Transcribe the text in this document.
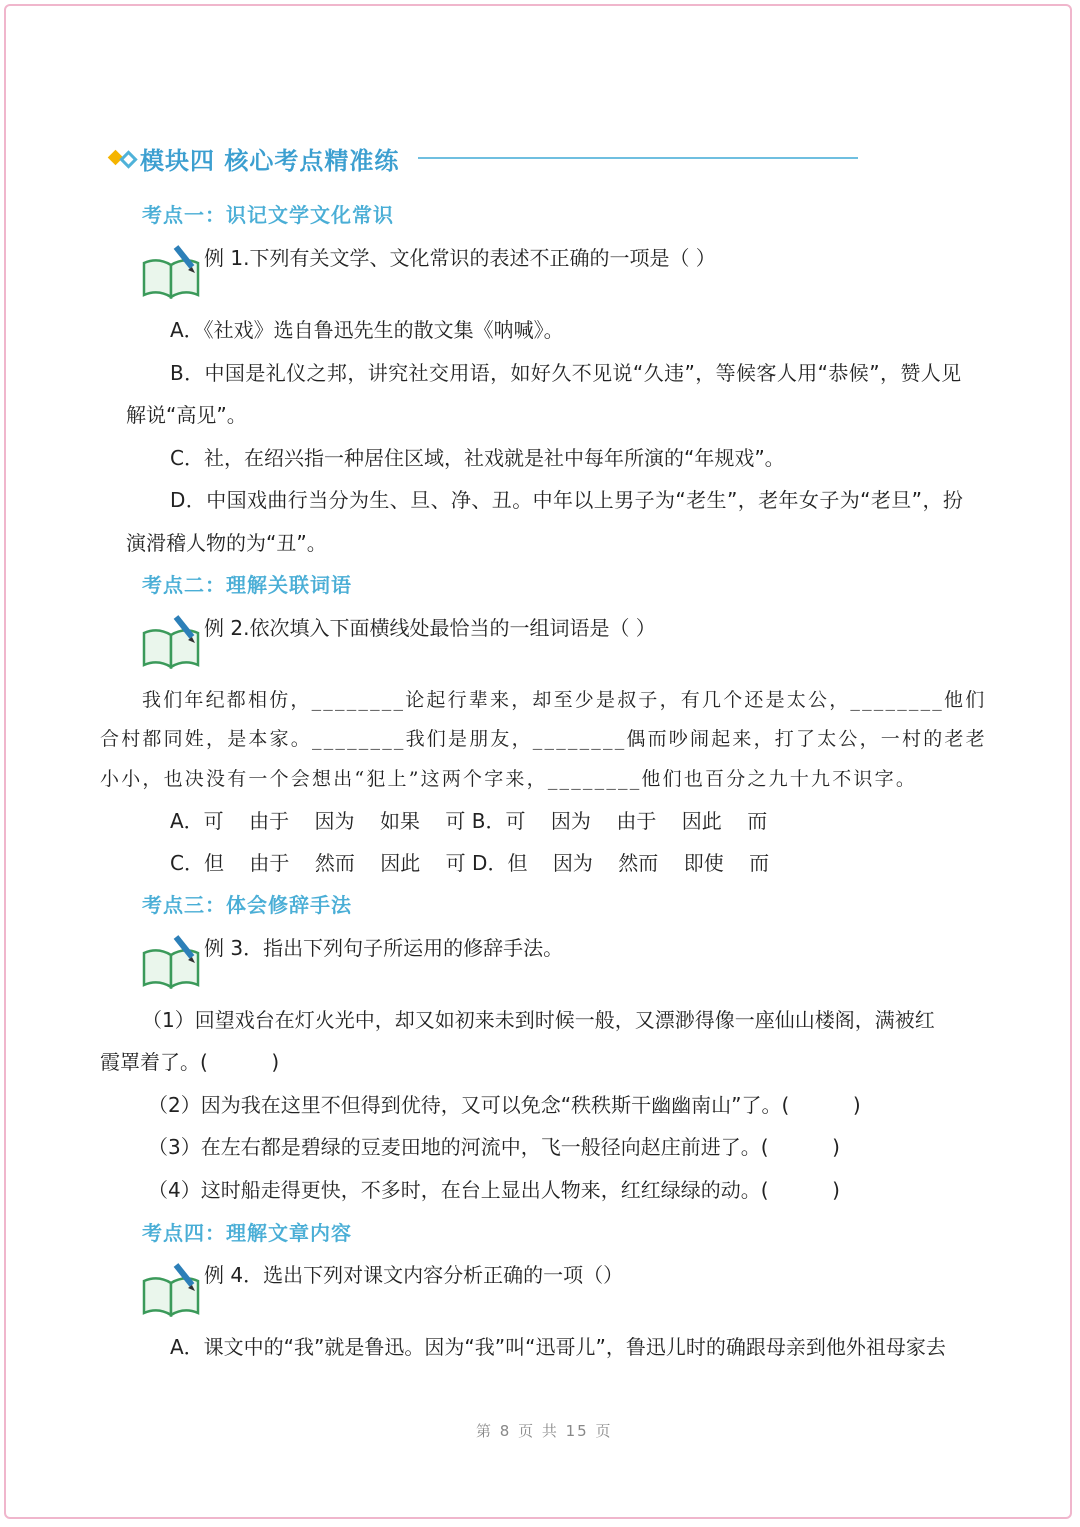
模块四 核心考点精准练
考点一：识记文学文化常识
例 1.下列有关文学、文化常识的表述不正确的一项是（ ）
A．《社戏》选自鲁迅先生的散文集《呐喊》。
B．中国是礼仪之邦，讲究社交用语，如好久不见说“久违”，等候客人用“恭候”，赞人见
解说“高见”。
C．社，在绍兴指一种居住区域，社戏就是社中每年所演的“年规戏”。
D．中国戏曲行当分为生、旦、净、丑。中年以上男子为“老生”，老年女子为“老旦”，扮
演滑稽人物的为“丑”。
考点二：理解关联词语
例 2.依次填入下面横线处最恰当的一组词语是（ ）
我们年纪都相仿，________论起行辈来，却至少是叔子，有几个还是太公，________他们
合村都同姓，是本家。________我们是朋友，________偶而吵闹起来，打了太公，一村的老老
小小，也决没有一个会想出“犯上”这两个字来，________他们也百分之九十九不识字。
A．可    由于    因为    如果    可 B．可    因为    由于    因此    而
C．但    由于    然而    因此    可 D．但    因为    然而    即使    而
考点三：体会修辞手法
例 3．指出下列句子所运用的修辞手法。
（1）回望戏台在灯火光中，却又如初来未到时候一般，又漂渺得像一座仙山楼阁，满被红
霞罩着了。(          )
（2）因为我在这里不但得到优待，又可以免念“秩秩斯干幽幽南山”了。(          )
（3）在左右都是碧绿的豆麦田地的河流中，飞一般径向赵庄前进了。(          )
（4）这时船走得更快，不多时，在台上显出人物来，红红绿绿的动。(          )
考点四：理解文章内容
例 4．选出下列对课文内容分析正确的一项（）
A．课文中的“我”就是鲁迅。因为“我”叫“迅哥儿”，鲁迅儿时的确跟母亲到他外祖母家去
第 8 页 共 15 页
